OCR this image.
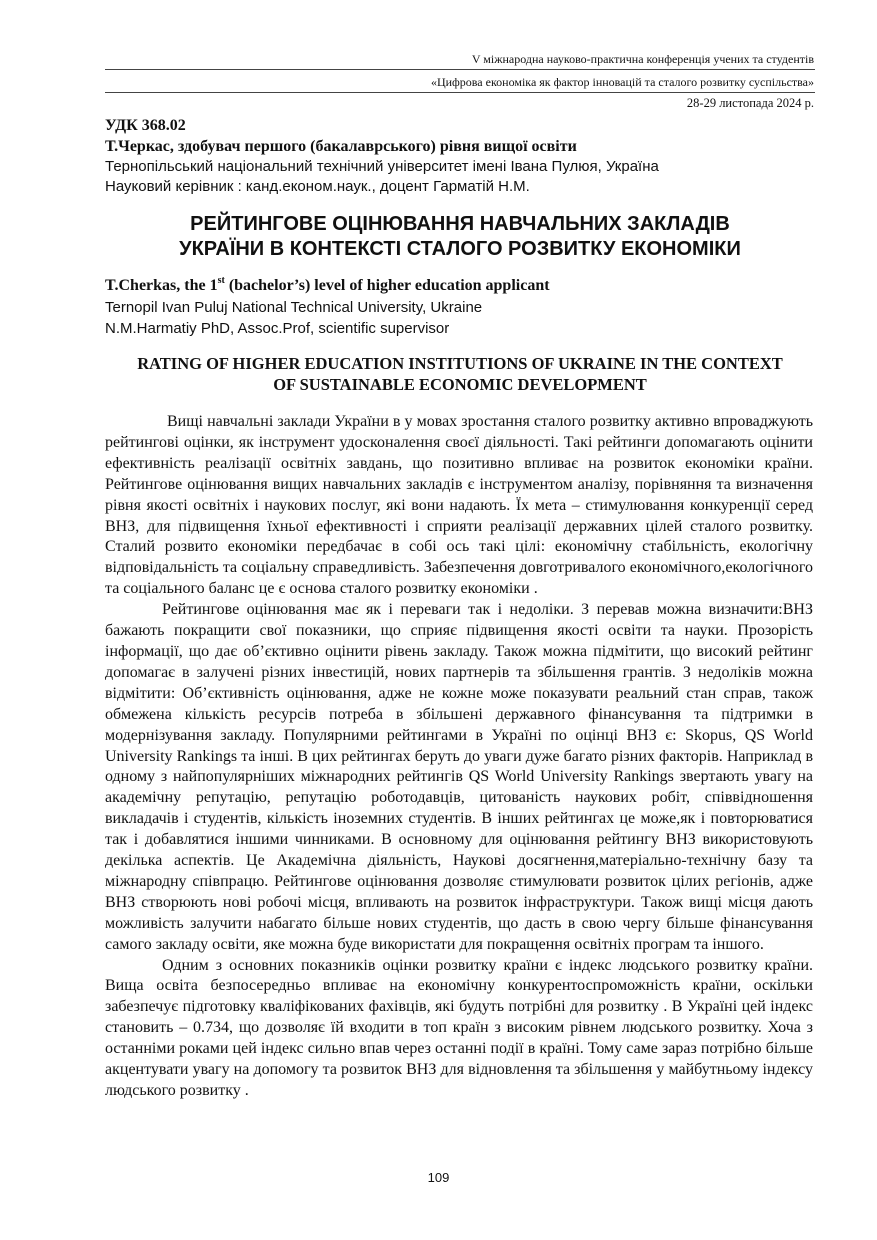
V міжнародна науково-практична конференція учених та студентів
«Цифрова економіка як фактор інновацій та сталого розвитку суспільства»
28-29 листопада 2024 р.
УДК 368.02
Т.Черкас, здобувач першого (бакалаврського) рівня вищої освіти
Тернопільський національний технічний університет імені Івана Пулюя, Україна
Науковий керівник : канд.економ.наук., доцент Гарматій Н.М.
РЕЙТИНГОВЕ ОЦІНЮВАННЯ НАВЧАЛЬНИХ ЗАКЛАДІВ
УКРАЇНИ В КОНТЕКСТІ СТАЛОГО РОЗВИТКУ ЕКОНОМІКИ
T.Cherkas, the 1st (bachelor’s) level of higher education applicant
Ternopil Ivan Puluj National Technical University, Ukraine
N.M.Harmatiy PhD, Assoc.Prof, scientific supervisor
RATING OF HIGHER EDUCATION INSTITUTIONS OF UKRAINE IN THE CONTEXT
OF SUSTAINABLE ECONOMIC DEVELOPMENT

Вищі навчальні заклади України в у мовах зростання сталого розвитку активно впроваджують рейтингові оцінки, як інструмент удосконалення своєї діяльності. Такі рейтинги допомагають оцінити ефективність реалізації освітніх завдань, що позитивно впливає на розвиток економіки країни. Рейтингове оцінювання вищих навчальних закладів є інструментом аналізу, порівняння та визначення рівня якості освітніх і наукових послуг, які вони надають. Їх мета – стимулювання конкуренції серед ВНЗ, для підвищення їхньої ефективності і сприяти реалізації державних цілей сталого розвитку. Сталий розвито економіки передбачає в собі ось такі цілі: економічну стабільність, екологічну відповідальність та соціальну справедливість. Забезпечення довготривалого економічного,екологічного та соціального баланс це є основа сталого розвитку економіки .

Рейтингове оцінювання має як і переваги так і недоліки. З перевав можна визначити:ВНЗ бажають покращити свої показники, що сприяє підвищення якості освіти та науки. Прозорість інформації, що дає об’єктивно оцінити рівень закладу. Також можна підмітити, що високий рейтинг допомагає в залучені різних інвестицій, нових партнерів та збільшення грантів. З недоліків можна відмітити: Об’єктивність оцінювання, адже не кожне може показувати реальний стан справ, також обмежена кількість ресурсів потреба в збільшені державного фінансування та підтримки в модернізування закладу. Популярними рейтингами в Україні по оцінці ВНЗ є: Skopus, QS World University Rankings та інші. В цих рейтингах беруть до уваги дуже багато різних факторів. Наприклад в одному з найпопулярніших міжнародних рейтингів QS World University Rankings звертають увагу на академічну репутацію, репутацію роботодавців, цитованість наукових робіт, співвідношення викладачів і студентів, кількість іноземних студентів. В інших рейтингах це може,як і повторюватися так і добавлятися іншими чинниками. В основному для оцінювання рейтингу ВНЗ використовують декілька аспектів. Це Академічна діяльність, Наукові досягнення,матеріально-технічну базу та міжнародну співпрацю. Рейтингове оцінювання дозволяє стимулювати розвиток цілих регіонів, адже ВНЗ створюють нові робочі місця, впливають на розвиток інфраструктури. Також вищі місця дають можливість залучити набагато більше нових студентів, що дасть в свою чергу більше фінансування самого закладу освіти, яке можна буде використати для покращення освітніх програм та іншого.

Одним з основних показників оцінки розвитку країни є індекс людського розвитку країни. Вища освіта безпосередньо впливає на економічну конкурентоспроможність країни, оскільки забезпечує підготовку кваліфікованих фахівців, які будуть потрібні для розвитку . В Україні цей індекс становить – 0.734, що дозволяє їй входити в топ країн з високим рівнем людського розвитку. Хоча з останніми роками цей індекс сильно впав через останні події в країні. Тому саме зараз потрібно більше акцентувати увагу на допомогу та розвиток ВНЗ для відновлення та збільшення у майбутньому індексу людського розвитку .

109
